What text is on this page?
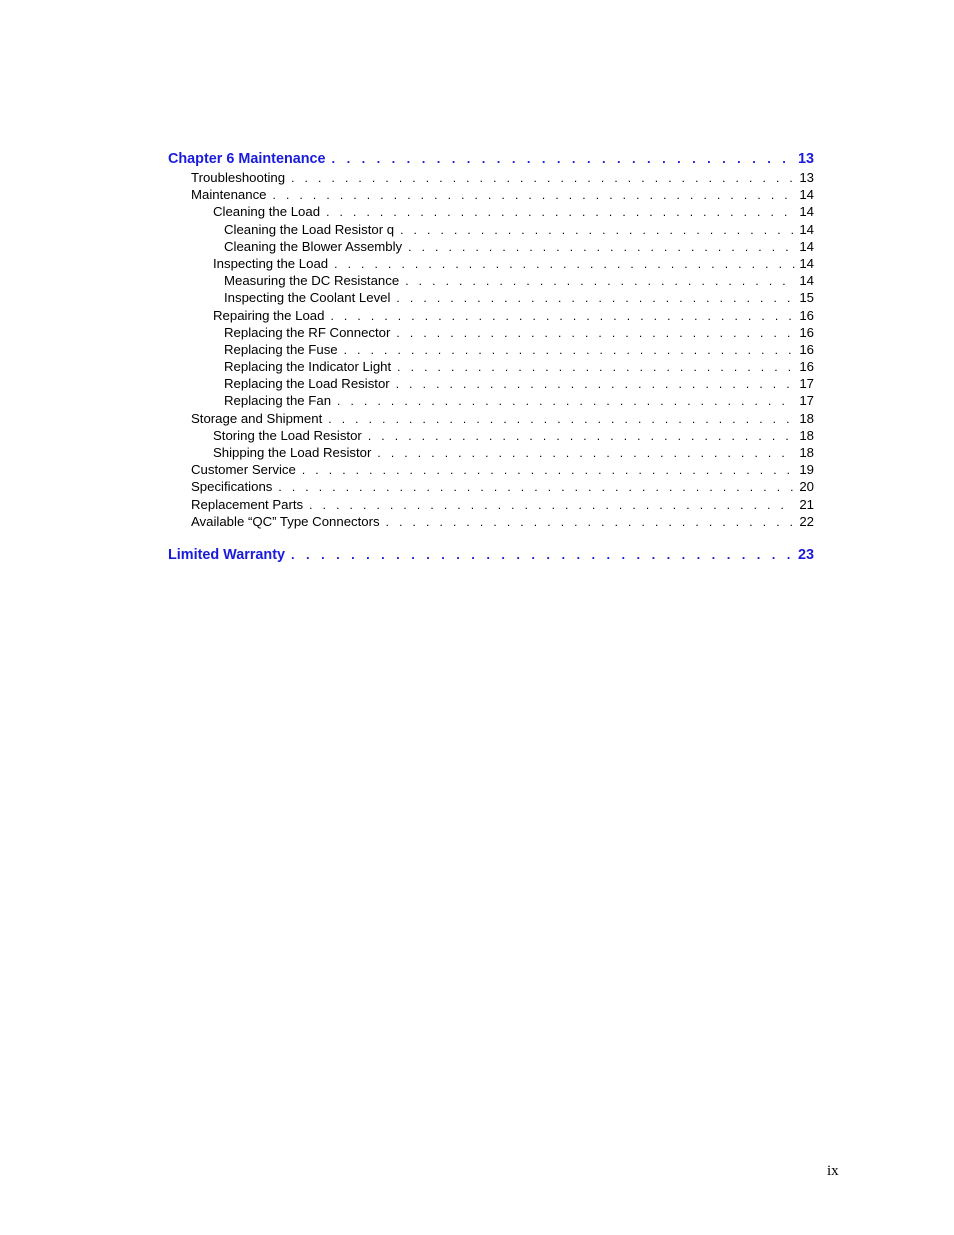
Chapter 6 Maintenance . . .	13
Troubleshooting . . .	13
Maintenance . . .	14
Cleaning the Load . . .	14
Cleaning the Load Resistor q . . .	14
Cleaning the Blower Assembly . . .	14
Inspecting the Load . . .	14
Measuring the DC Resistance . . .	14
Inspecting the Coolant Level . . .	15
Repairing the Load . . .	16
Replacing the RF Connector . . .	16
Replacing the Fuse . . .	16
Replacing the Indicator Light . . .	16
Replacing the Load Resistor . . .	17
Replacing the Fan . . .	17
Storage and Shipment . . .	18
Storing the Load Resistor . . .	18
Shipping the Load Resistor . . .	18
Customer Service . . .	19
Specifications . . .	20
Replacement Parts . . .	21
Available “QC” Type Connectors . . .	22
Limited Warranty . . .	23
ix
